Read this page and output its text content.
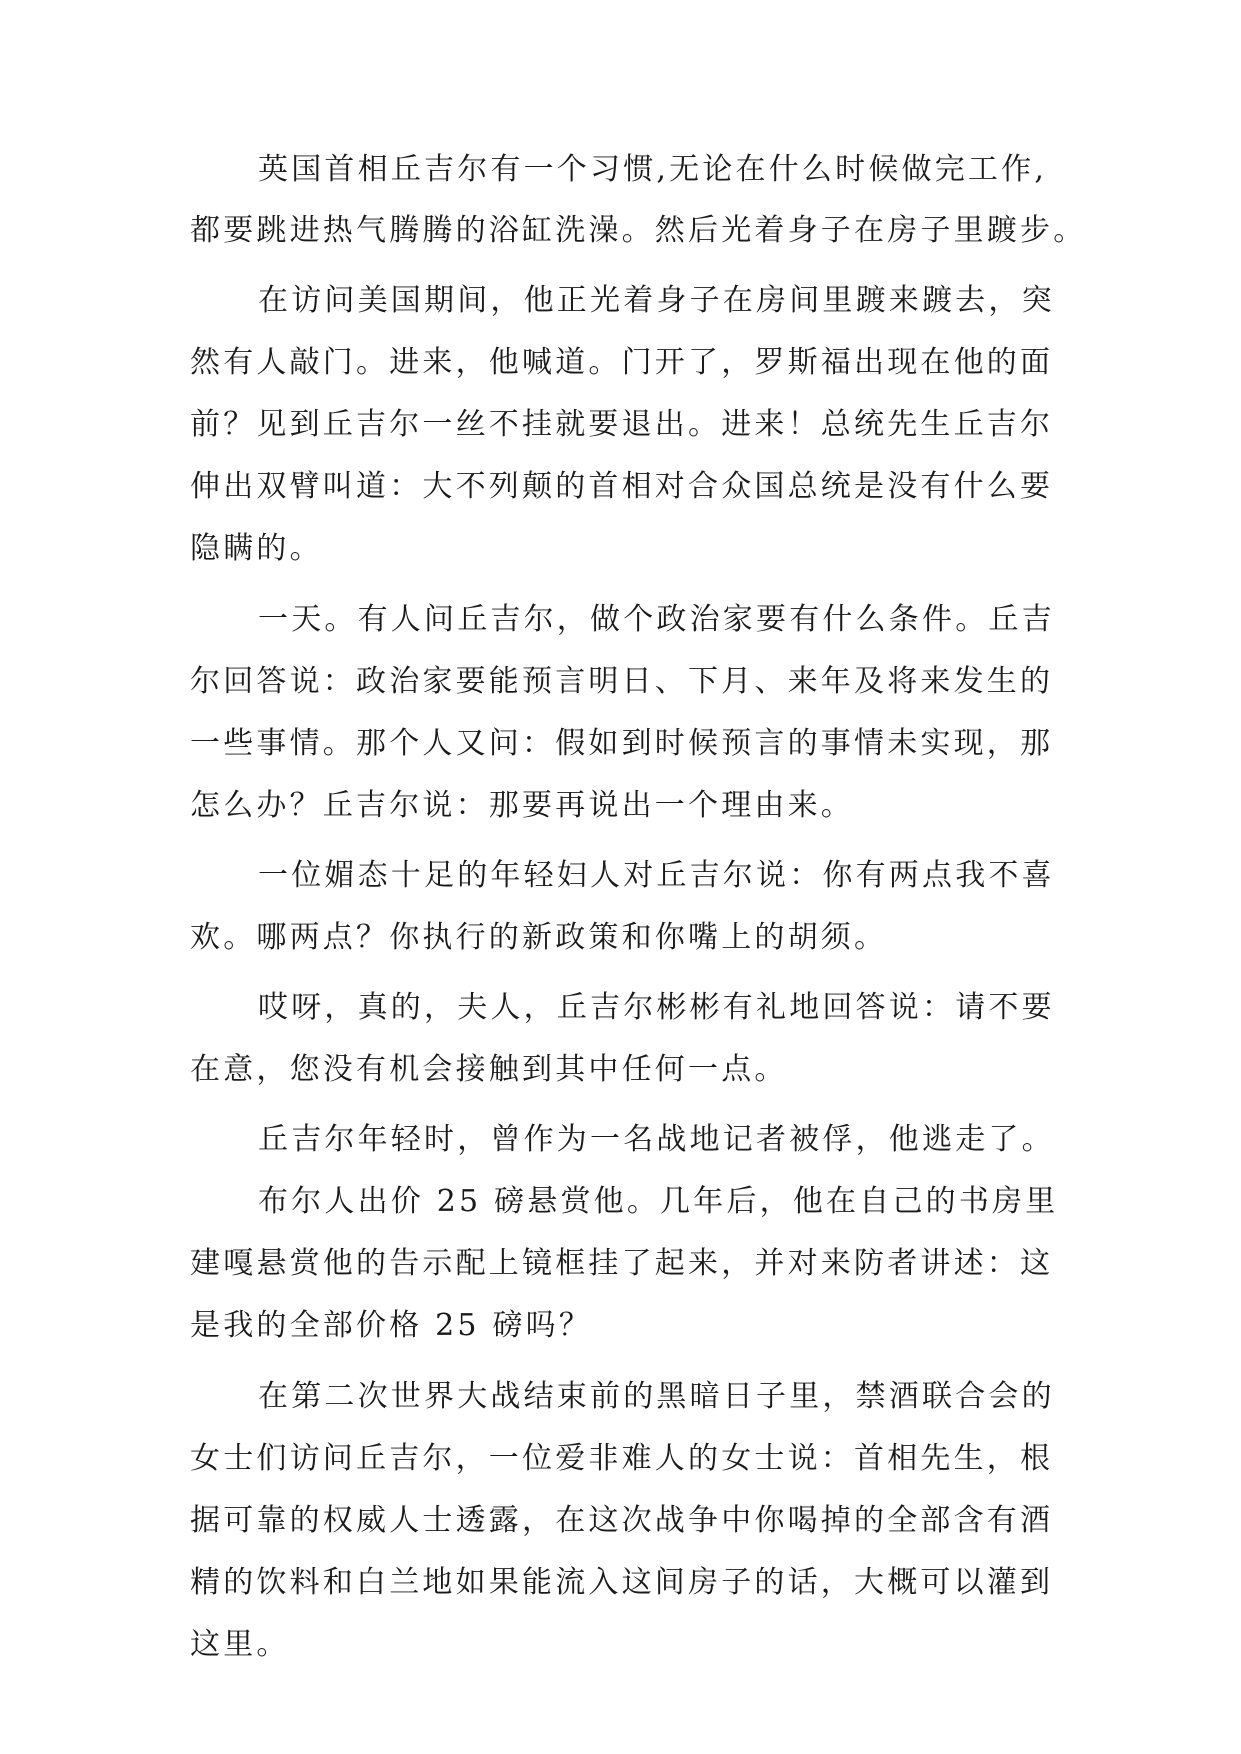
英国首相丘吉尔有一个习惯,无论在什么时候做完工作,
都要跳进热气腾腾的浴缸洗澡。然后光着身子在房子里踱步。
在访问美国期间，他正光着身子在房间里踱来踱去，突
然有人敲门。进来，他喊道。门开了，罗斯福出现在他的面
前？见到丘吉尔一丝不挂就要退出。进来！总统先生丘吉尔
伸出双臂叫道：大不列颠的首相对合众国总统是没有什么要
隐瞒的。
一天。有人问丘吉尔，做个政治家要有什么条件。丘吉
尔回答说：政治家要能预言明日、下月、来年及将来发生的
一些事情。那个人又问：假如到时候预言的事情未实现，那
怎么办？丘吉尔说：那要再说出一个理由来。
一位媚态十足的年轻妇人对丘吉尔说：你有两点我不喜
欢。哪两点？你执行的新政策和你嘴上的胡须。
哎呀，真的，夫人，丘吉尔彬彬有礼地回答说：请不要
在意，您没有机会接触到其中任何一点。
丘吉尔年轻时，曾作为一名战地记者被俘，他逃走了。
布尔人出价 25 磅悬赏他。几年后，他在自己的书房里
建嘎悬赏他的告示配上镜框挂了起来，并对来防者讲述：这
是我的全部价格 25 磅吗？
在第二次世界大战结束前的黑暗日子里，禁酒联合会的
女士们访问丘吉尔，一位爱非难人的女士说：首相先生，根
据可靠的权威人士透露，在这次战争中你喝掉的全部含有酒
精的饮料和白兰地如果能流入这间房子的话，大概可以灌到
这里。
